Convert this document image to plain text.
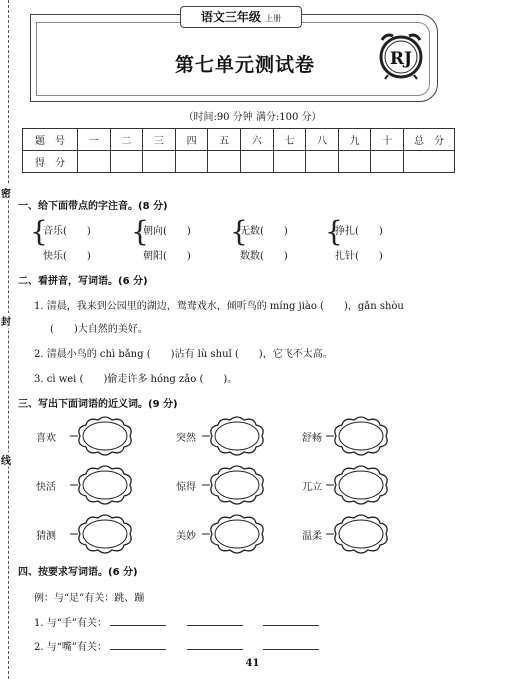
密
封
线
语文三年级 上册
第七单元测试卷	RJ
（时间:90 分钟 满分:100 分）
题　号	一	二	三	四	五	六	七	八	九	十	总　分
得　分											
一、给下面带点的字注音。(8 分)
{
音乐(　　)
快乐(　　)
{
朝向(　　)
朝阳(　　)
{
无数(　　)
数数(　　)
{
挣扎(　　)
扎针(　　)
二、看拼音，写词语。(6 分)
1. 清晨，我来到公园里的湖边，鸳鸯戏水，倾听鸟的 míng jiào (　　)，gǎn shòu
(　　)大自然的美好。
2. 清晨小鸟的 chì bǎng (　　)沾有 lù shuǐ (　　)，它飞不太高。
3. cì wei (　　)偷走许多 hóng zǎo (　　)。
三、写出下面词语的近义词。(9 分)
喜欢	突然	舒畅
快活	惊得	兀立
猜测	美妙	温柔
四、按要求写词语。(6 分)
例：与“足”有关：跳、蹦
1. 与“手”有关：
2. 与“嘴”有关：
41
